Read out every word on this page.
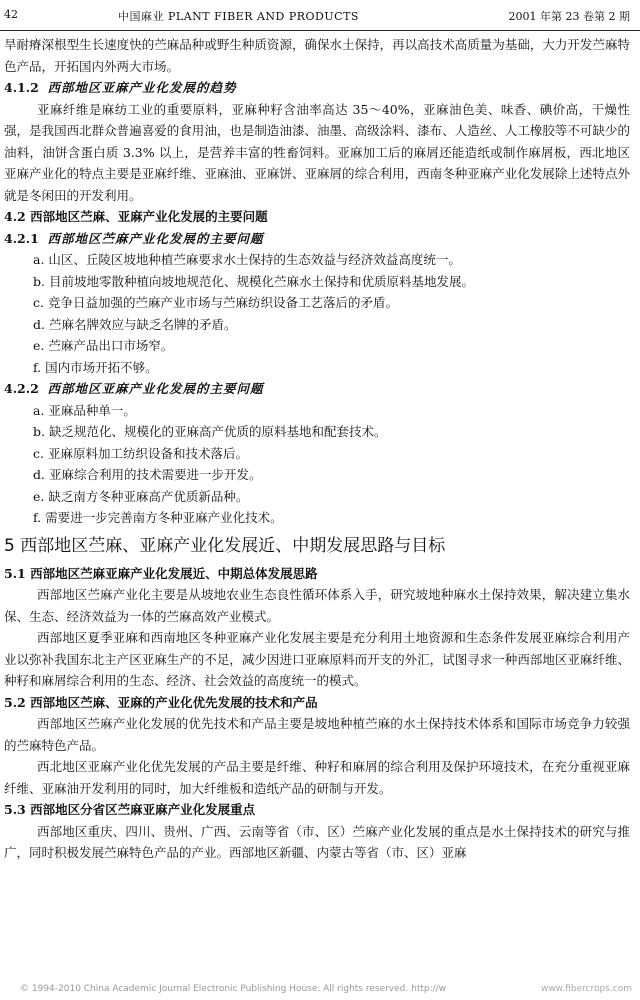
42	中国麻业 PLANT FIBER AND PRODUCTS	2001 年第 23 卷第 2 期

旱耐瘠深根型生长速度快的苎麻品种或野生种质资源，确保水土保持，再以高技术高质量为基础，大力开发苎麻特色产品，开拓国内外两大市场。

4.1.2 西部地区亚麻产业化发展的趋势

亚麻纤维是麻纺工业的重要原料，亚麻种籽含油率高达 35～40%，亚麻油色美、味香、碘价高，干燥性强，是我国西北群众普遍喜爱的食用油，也是制造油漆、油墨、高级涂料、漆布、人造丝、人工橡胶等不可缺少的油料，油饼含蛋白质 3.3% 以上，是营养丰富的牲畜饲料。亚麻加工后的麻屑还能造纸或制作麻屑板，西北地区亚麻产业化的特点主要是亚麻纤维、亚麻油、亚麻饼、亚麻屑的综合利用，西南冬种亚麻产业化发展除上述特点外就是冬闲田的开发利用。

4.2 西部地区苎麻、亚麻产业化发展的主要问题

4.2.1 西部地区苎麻产业化发展的主要问题

a. 山区、丘陵区坡地种植苎麻要求水土保持的生态效益与经济效益高度统一。

b. 目前坡地零散种植向坡地规范化、规模化苎麻水土保持和优质原料基地发展。

c. 竞争日益加强的苎麻产业市场与苎麻纺织设备工艺落后的矛盾。

d. 苎麻名牌效应与缺乏名牌的矛盾。

e. 苎麻产品出口市场窄。

f. 国内市场开拓不够。

4.2.2 西部地区亚麻产业化发展的主要问题

a. 亚麻品种单一。

b. 缺乏规范化、规模化的亚麻高产优质的原料基地和配套技术。

c. 亚麻原料加工纺织设备和技术落后。

d. 亚麻综合利用的技术需要进一步开发。

e. 缺乏南方冬种亚麻高产优质新品种。

f. 需要进一步完善南方冬种亚麻产业化技术。

5 西部地区苎麻、亚麻产业化发展近、中期发展思路与目标

5.1 西部地区苎麻亚麻产业化发展近、中期总体发展思路

西部地区苎麻产业化主要是从坡地农业生态良性循环体系入手，研究坡地种麻水土保持效果，解决建立集水保、生态、经济效益为一体的苎麻高效产业模式。

西部地区夏季亚麻和西南地区冬种亚麻产业化发展主要是充分利用土地资源和生态条件发展亚麻综合利用产业以弥补我国东北主产区亚麻生产的不足，减少因进口亚麻原料而开支的外汇，试图寻求一种西部地区亚麻纤维、种籽和麻屑综合利用的生态、经济、社会效益的高度统一的模式。

5.2 西部地区苎麻、亚麻的产业化优先发展的技术和产品

西部地区苎麻产业化发展的优先技术和产品主要是坡地种植苎麻的水土保持技术体系和国际市场竞争力较强的苎麻特色产品。

西北地区亚麻产业化优先发展的产品主要是纤维、种籽和麻屑的综合利用及保护环境技术，在充分重视亚麻纤维、亚麻油开发利用的同时，加大纤维板和造纸产品的研制与开发。

5.3 西部地区分省区苎麻亚麻产业化发展重点

西部地区重庆、四川、贵州、广西、云南等省（市、区）苎麻产业化发展的重点是水土保持技术的研究与推广，同时积极发展苎麻特色产品的产业。西部地区新疆、内蒙古等省（市、区）亚麻

© 1994-2010 China Academic Journal Electronic Publishing House. All rights reserved. http://w	www.fibercrops.com
